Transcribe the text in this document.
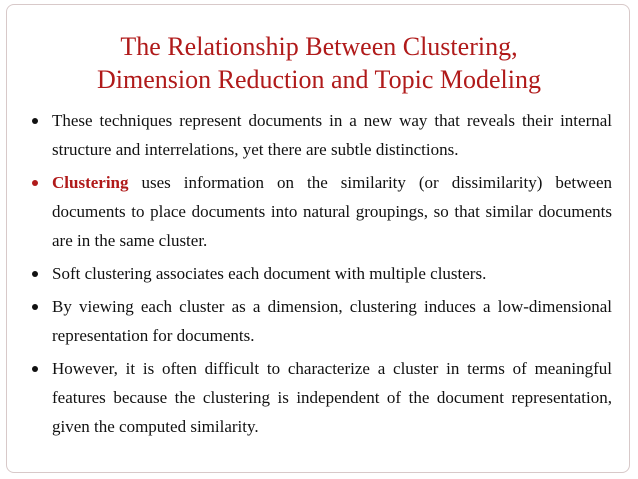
The Relationship Between Clustering,
Dimension Reduction and Topic Modeling
These techniques represent documents in a new way that reveals their internal structure and interrelations, yet there are subtle distinctions.
Clustering uses information on the similarity (or dissimilarity) between documents to place documents into natural groupings, so that similar documents are in the same cluster.
Soft clustering associates each document with multiple clusters.
By viewing each cluster as a dimension, clustering induces a low-dimensional representation for documents.
However, it is often difficult to characterize a cluster in terms of meaningful features because the clustering is independent of the document representation, given the computed similarity.
